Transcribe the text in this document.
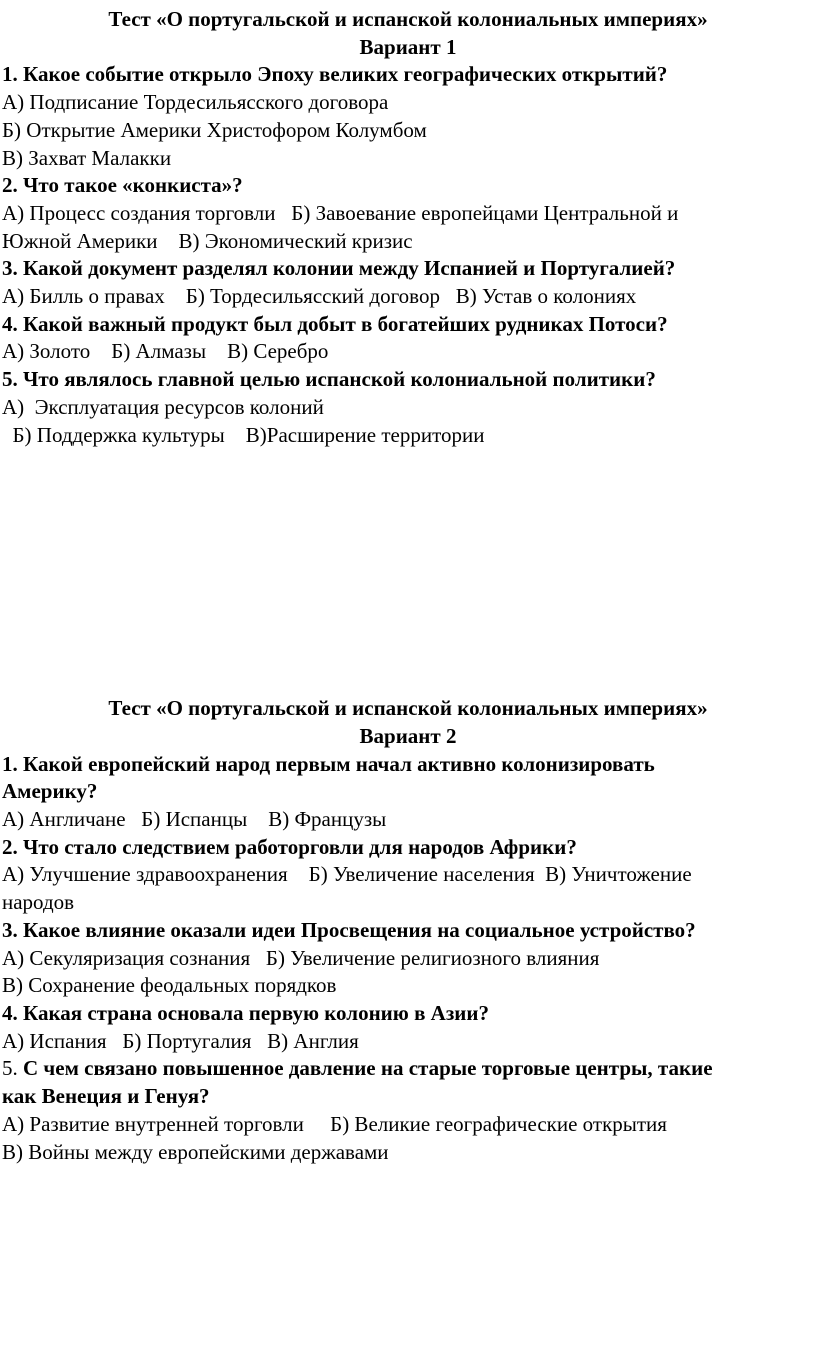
Тест «О португальской и испанской колониальных империях»
Вариант 1
1. Какое событие открыло Эпоху великих географических открытий?
А) Подписание Тордесильясского договора
Б) Открытие Америки Христофором Колумбом
В) Захват Малакки
2. Что такое «конкиста»?
А) Процесс создания торговли   Б) Завоевание европейцами Центральной и
Южной Америки    В) Экономический кризис
3. Какой документ разделял колонии между Испанией и Португалией?
А) Билль о правах    Б) Тордесильясский договор   В) Устав о колониях
4. Какой важный продукт был добыт в богатейших рудниках Потоси?
А) Золото    Б) Алмазы    В) Серебро
5. Что являлось главной целью испанской колониальной политики?
А)  Эксплуатация ресурсов колоний
Б) Поддержка культуры    В)Расширение территории
Тест «О португальской и испанской колониальных империях»
Вариант 2
1. Какой европейский народ первым начал активно колонизировать
Америку?
А) Англичане   Б) Испанцы    В) Французы
2. Что стало следствием работорговли для народов Африки?
А) Улучшение здравоохранения    Б) Увеличение населения  В) Уничтожение
народов
3. Какое влияние оказали идеи Просвещения на социальное устройство?
А) Секуляризация сознания   Б) Увеличение религиозного влияния
В) Сохранение феодальных порядков
4. Какая страна основала первую колонию в Азии?
А) Испания   Б) Португалия   В) Англия
5. С чем связано повышенное давление на старые торговые центры, такие
как Венеция и Генуя?
А) Развитие внутренней торговли     Б) Великие географические открытия
В) Войны между европейскими державами
